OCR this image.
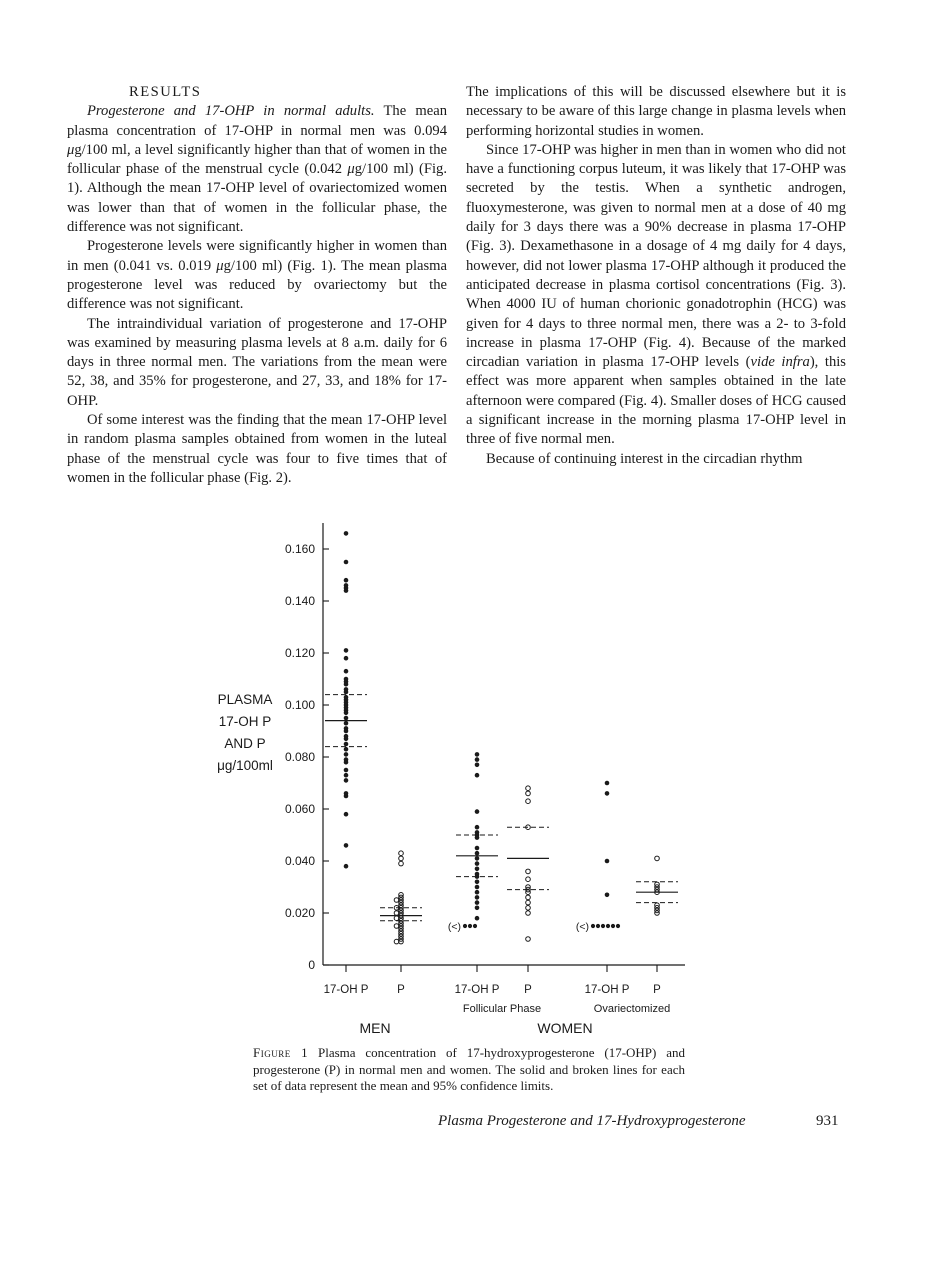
RESULTS

Progesterone and 17-OHP in normal adults. The mean plasma concentration of 17-OHP in normal men was 0.094 μg/100 ml, a level significantly higher than that of women in the follicular phase of the menstrual cycle (0.042 μg/100 ml) (Fig. 1). Although the mean 17-OHP level of ovariectomized women was lower than that of women in the follicular phase, the difference was not significant.

Progesterone levels were significantly higher in women than in men (0.041 vs. 0.019 μg/100 ml) (Fig. 1). The mean plasma progesterone level was reduced by ovariectomy but the difference was not significant.

The intraindividual variation of progesterone and 17-OHP was examined by measuring plasma levels at 8 a.m. daily for 6 days in three normal men. The variations from the mean were 52, 38, and 35% for progesterone, and 27, 33, and 18% for 17-OHP.

Of some interest was the finding that the mean 17-OHP level in random plasma samples obtained from women in the luteal phase of the menstrual cycle was four to five times that of women in the follicular phase (Fig. 2).

The implications of this will be discussed elsewhere but it is necessary to be aware of this large change in plasma levels when performing horizontal studies in women.

Since 17-OHP was higher in men than in women who did not have a functioning corpus luteum, it was likely that 17-OHP was secreted by the testis. When a synthetic androgen, fluoxymesterone, was given to normal men at a dose of 40 mg daily for 3 days there was a 90% decrease in plasma 17-OHP (Fig. 3). Dexamethasone in a dosage of 4 mg daily for 4 days, however, did not lower plasma 17-OHP although it produced the anticipated decrease in plasma cortisol concentrations (Fig. 3). When 4000 IU of human chorionic gonadotrophin (HCG) was given for 4 days to three normal men, there was a 2- to 3-fold increase in plasma 17-OHP (Fig. 4). Because of the marked circadian variation in plasma 17-OHP levels (vide infra), this effect was more apparent when samples obtained in the late afternoon were compared (Fig. 4). Smaller doses of HCG caused a significant increase in the morning plasma 17-OHP level in three of five normal men.

Because of continuing interest in the circadian rhythm

0
0.020
0.040
0.060
0.080
0.100
0.120
0.140
0.160
PLASMA
17-OH P
AND P
μg/100ml
17-OH P	P	17-OH P
(<)
P	17-OH P
(<)
P
Follicular Phase	Ovariectomized
MEN	WOMEN
Figure 1 Plasma concentration of 17-hydroxyprogesterone (17-OHP) and progesterone (P) in normal men and women. The solid and broken lines for each set of data represent the mean and 95% confidence limits.
Plasma Progesterone and 17-Hydroxyprogesterone	931
